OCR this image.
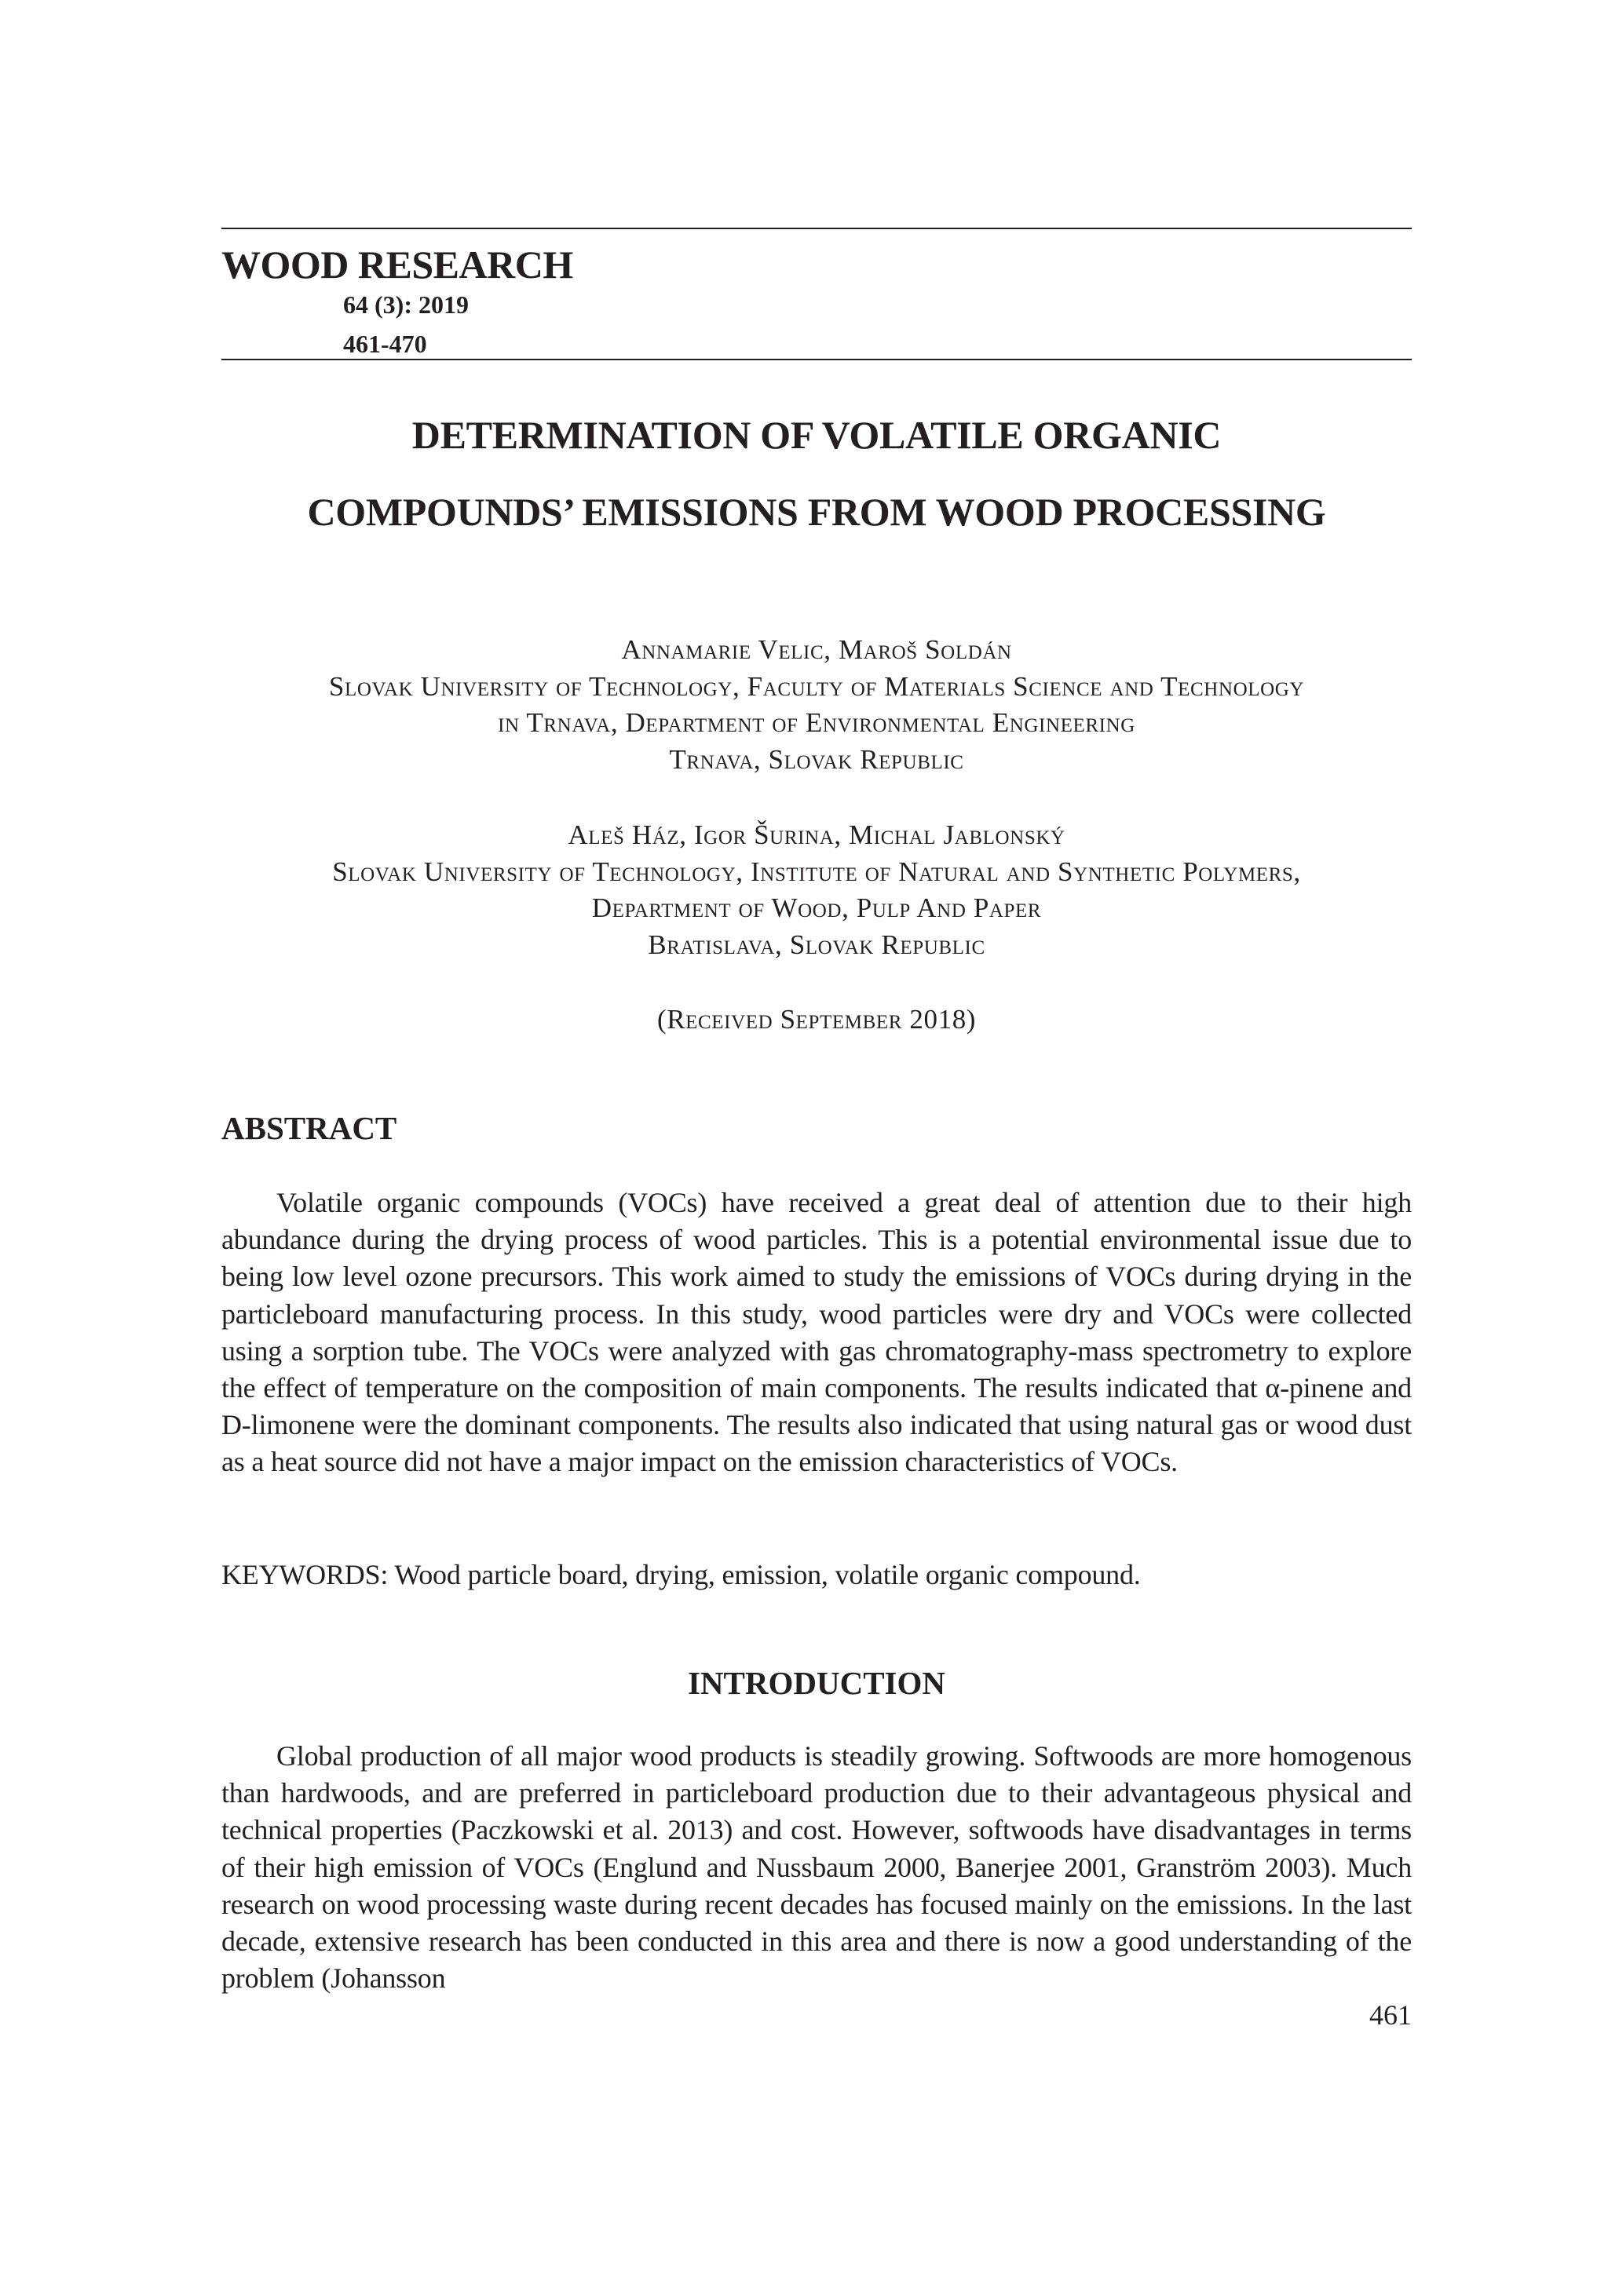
WOOD RESEARCH
64 (3): 2019
461-470
DETERMINATION OF VOLATILE ORGANIC
COMPOUNDS’ EMISSIONS FROM WOOD PROCESSING
Annamarie Velic, Maroš Soldán
Slovak University of Technology, Faculty of Materials Science and Technology
in Trnava, Department of Environmental Engineering
Trnava, Slovak Republic
Aleš Ház, Igor Šurina, Michal Jablonský
Slovak University of Technology, Institute of Natural and Synthetic Polymers,
Department of Wood, Pulp And Paper
Bratislava, Slovak Republic
(Received September 2018)
ABSTRACT

Volatile organic compounds (VOCs) have received a great deal of attention due to their high abundance during the drying process of wood particles. This is a potential environmental issue due to being low level ozone precursors. This work aimed to study the emissions of VOCs during drying in the particleboard manufacturing process. In this study, wood particles were dry and VOCs were collected using a sorption tube. The VOCs were analyzed with gas chromatography-mass spectrometry to explore the effect of temperature on the composition of main components. The results indicated that α-pinene and D-limonene were the dominant components. The results also indicated that using natural gas or wood dust as a heat source did not have a major impact on the emission characteristics of VOCs.

KEYWORDS: Wood particle board, drying, emission, volatile organic compound.
INTRODUCTION

Global production of all major wood products is steadily growing. Softwoods are more homogenous than hardwoods, and are preferred in particleboard production due to their advantageous physical and technical properties (Paczkowski et al. 2013) and cost. However, softwoods have disadvantages in terms of their high emission of VOCs (Englund and Nussbaum 2000, Banerjee 2001, Granström 2003). Much research on wood processing waste during recent decades has focused mainly on the emissions. In the last decade, extensive research has been conducted in this area and there is now a good understanding of the problem (Johansson

461
